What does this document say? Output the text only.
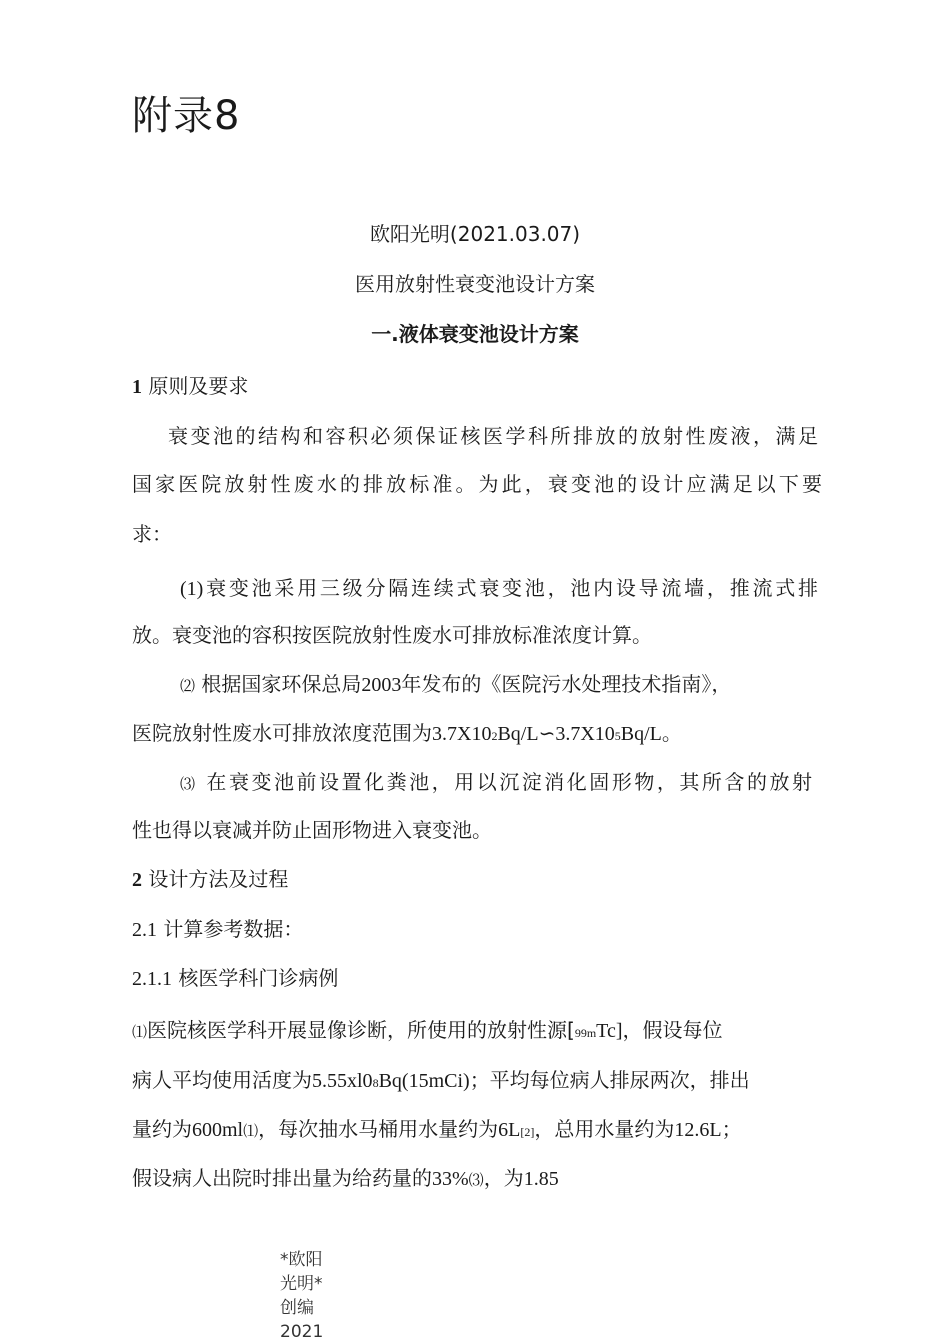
附录8
欧阳光明(2021.03.07)
医用放射性衰变池设计方案
一.液体衰变池设计方案
1 原则及要求
衰变池的结构和容积必须保证核医学科所排放的放射性废液，满足
国家医院放射性废水的排放标准。为此，衰变池的设计应满足以下要
求：
(1)衰变池采用三级分隔连续式衰变池，池内设导流墙，推流式排
放。衰变池的容积按医院放射性废水可排放标准浓度计算。
⑵ 根据国家环保总局2003年发布的《医院污水处理技术指南》，
医院放射性废水可排放浓度范围为3.7X102Bq/L∽3.7X105Bq/L。
⑶ 在衰变池前设置化粪池，用以沉淀消化固形物，其所含的放射
性也得以衰减并防止固形物进入衰变池。
2 设计方法及过程
2.1 计算参考数据：
2.1.1 核医学科门诊病例
⑴医院核医学科开展显像诊断，所使用的放射性源[99mTc]，假设每位
病人平均使用活度为5.55xl08Bq(15mCi)；平均每位病人排尿两次，排出
量约为600ml⑴，每次抽水马桶用水量约为6L[2]，总用水量约为12.6L；
假设病人出院时排出量为给药量的33%⑶，为1.85
*欧阳光明*创编2021
